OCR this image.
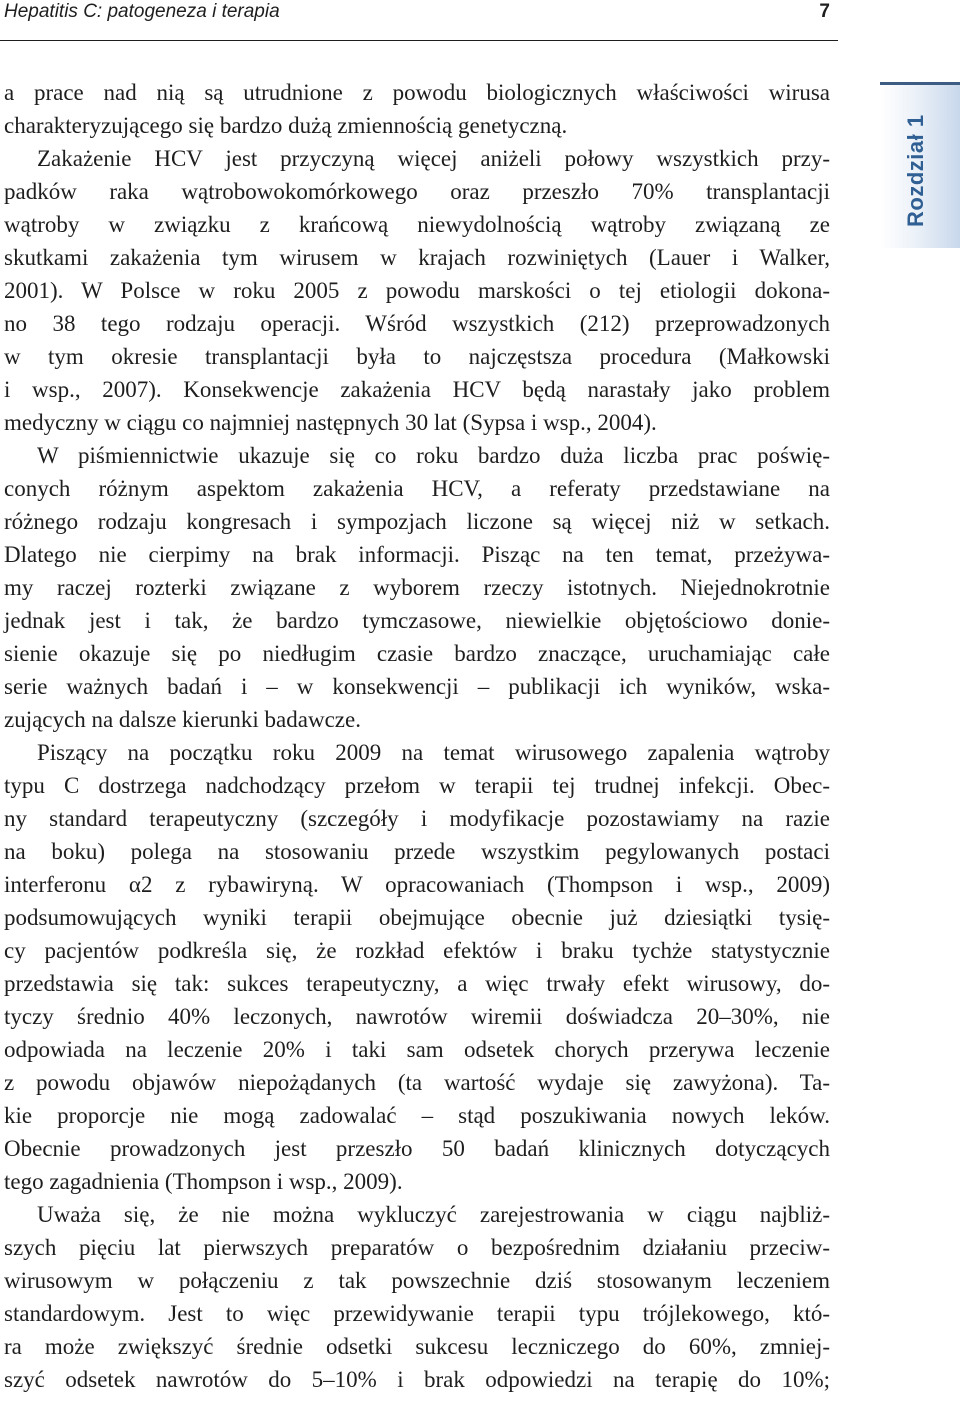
Hepatitis C: patogeneza i terapia	7
Rozdział 1

a prace nad nią są utrudnione z powodu biologicznych właściwości wirusa

charakteryzującego się bardzo dużą zmiennością genetyczną.

Zakażenie HCV jest przyczyną więcej aniżeli połowy wszystkich przy-

padków raka wątrobowokomórkowego oraz przeszło 70% transplantacji

wątroby w związku z krańcową niewydolnością wątroby związaną ze

skutkami zakażenia tym wirusem w krajach rozwiniętych (Lauer i Walker,

2001). W Polsce w roku 2005 z powodu marskości o tej etiologii dokona-

no 38 tego rodzaju operacji. Wśród wszystkich (212) przeprowadzonych

w tym okresie transplantacji była to najczęstsza procedura (Małkowski

i wsp., 2007). Konsekwencje zakażenia HCV będą narastały jako problem

medyczny w ciągu co najmniej następnych 30 lat (Sypsa i wsp., 2004).

W piśmiennictwie ukazuje się co roku bardzo duża liczba prac poświę-

conych różnym aspektom zakażenia HCV, a referaty przedstawiane na

różnego rodzaju kongresach i sympozjach liczone są więcej niż w setkach.

Dlatego nie cierpimy na brak informacji. Pisząc na ten temat, przeżywa-

my raczej rozterki związane z wyborem rzeczy istotnych. Niejednokrotnie

jednak jest i tak, że bardzo tymczasowe, niewielkie objętościowo donie-

sienie okazuje się po niedługim czasie bardzo znaczące, uruchamiając całe

serie ważnych badań i – w konsekwencji – publikacji ich wyników, wska-

zujących na dalsze kierunki badawcze.

Piszący na początku roku 2009 na temat wirusowego zapalenia wątroby

typu C dostrzega nadchodzący przełom w terapii tej trudnej infekcji. Obec-

ny standard terapeutyczny (szczegóły i modyfikacje pozostawiamy na razie

na boku) polega na stosowaniu przede wszystkim pegylowanych postaci

interferonu α2 z rybawiryną. W opracowaniach (Thompson i wsp., 2009)

podsumowujących wyniki terapii obejmujące obecnie już dziesiątki tysię-

cy pacjentów podkreśla się, że rozkład efektów i braku tychże statystycznie

przedstawia się tak: sukces terapeutyczny, a więc trwały efekt wirusowy, do-

tyczy średnio 40% leczonych, nawrotów wiremii doświadcza 20–30%, nie

odpowiada na leczenie 20% i taki sam odsetek chorych przerywa leczenie

z powodu objawów niepożądanych (ta wartość wydaje się zawyżona). Ta-

kie proporcje nie mogą zadowalać – stąd poszukiwania nowych leków.

Obecnie prowadzonych jest przeszło 50 badań klinicznych dotyczących

tego zagadnienia (Thompson i wsp., 2009).

Uważa się, że nie można wykluczyć zarejestrowania w ciągu najbliż-

szych pięciu lat pierwszych preparatów o bezpośrednim działaniu przeciw-

wirusowym w połączeniu z tak powszechnie dziś stosowanym leczeniem

standardowym. Jest to więc przewidywanie terapii typu trójlekowego, któ-

ra może zwiększyć średnie odsetki sukcesu leczniczego do 60%, zmniej-

szyć odsetek nawrotów do 5–10% i brak odpowiedzi na terapię do 10%;
